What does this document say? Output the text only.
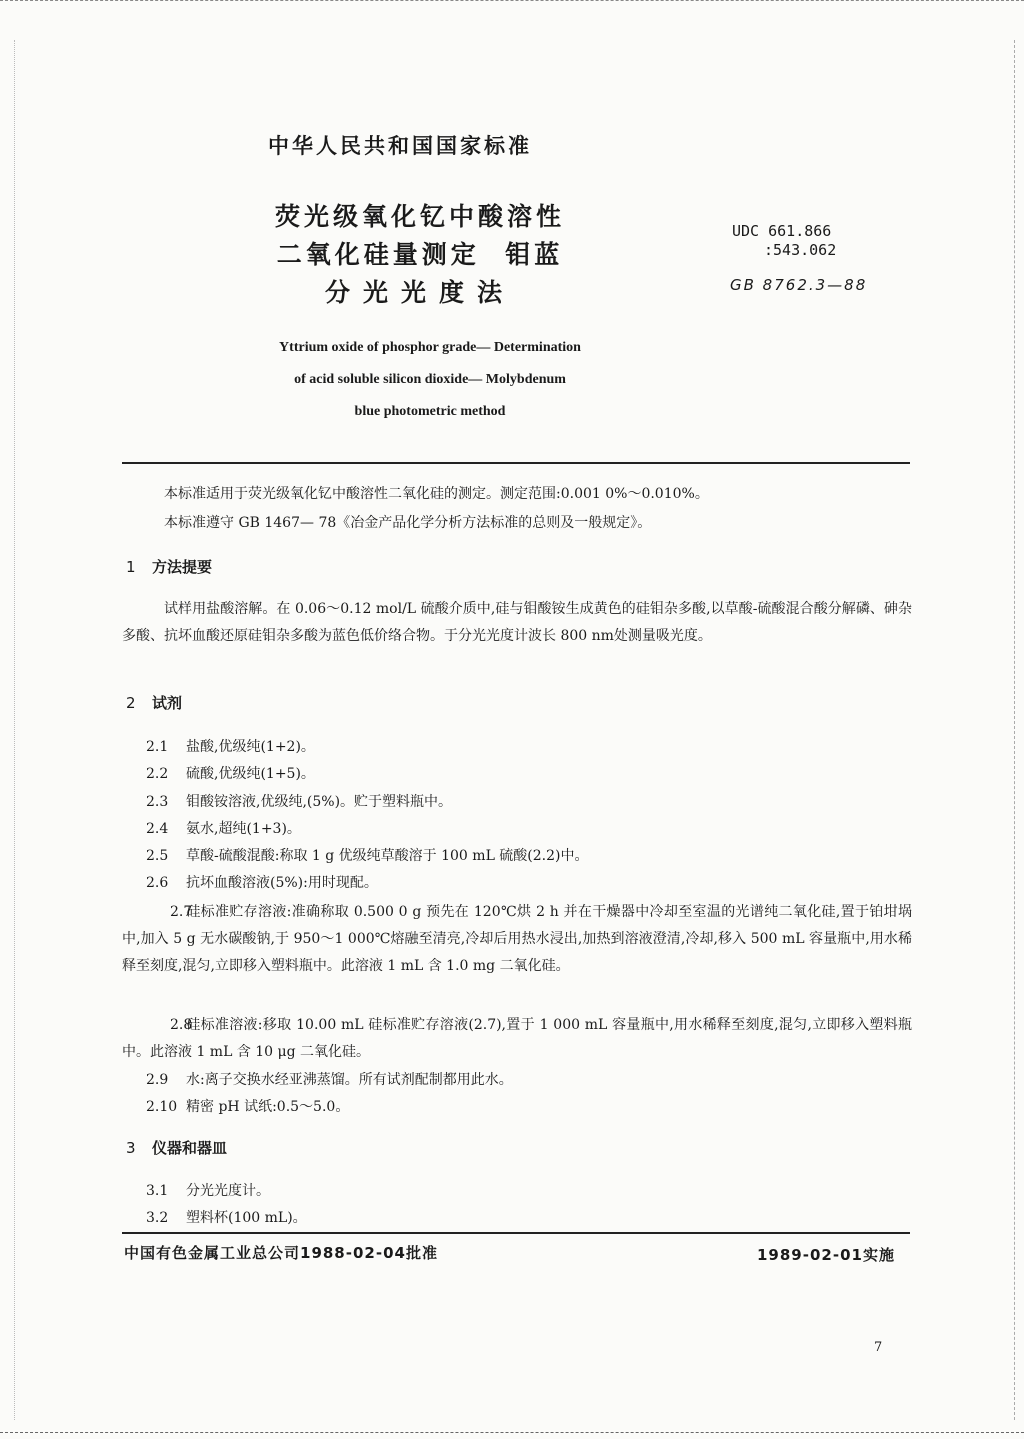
中华人民共和国国家标准
荧光级氧化钇中酸溶性
二氧化硅量测定  钼蓝
分光光度法
UDC 661.866
:543.062
GB 8762.3—88
Yttrium oxide of phosphor grade— Determination
of acid soluble silicon dioxide— Molybdenum
blue photometric method
本标准适用于荧光级氧化钇中酸溶性二氧化硅的测定。测定范围:0.001 0%～0.010%。
本标准遵守 GB 1467— 78《冶金产品化学分析方法标准的总则及一般规定》。
1 方法提要
试样用盐酸溶解。在 0.06～0.12 mol/L 硫酸介质中,硅与钼酸铵生成黄色的硅钼杂多酸,以草酸-硫酸混合酸分解磷、砷杂多酸、抗坏血酸还原硅钼杂多酸为蓝色低价络合物。于分光光度计波长 800 nm处测量吸光度。
2 试剂
2.1 盐酸,优级纯(1+2)。
2.2 硫酸,优级纯(1+5)。
2.3 钼酸铵溶液,优级纯,(5%)。贮于塑料瓶中。
2.4 氨水,超纯(1+3)。
2.5 草酸-硫酸混酸:称取 1 g 优级纯草酸溶于 100 mL 硫酸(2.2)中。
2.6 抗坏血酸溶液(5%):用时现配。
2.7硅标准贮存溶液:准确称取 0.500 0 g 预先在 120℃烘 2 h 并在干燥器中冷却至室温的光谱纯二氧化硅,置于铂坩埚中,加入 5 g 无水碳酸钠,于 950～1 000℃熔融至清亮,冷却后用热水浸出,加热到溶液澄清,冷却,移入 500 mL 容量瓶中,用水稀释至刻度,混匀,立即移入塑料瓶中。此溶液 1 mL 含 1.0 mg 二氧化硅。
2.8硅标准溶液:移取 10.00 mL 硅标准贮存溶液(2.7),置于 1 000 mL 容量瓶中,用水稀释至刻度,混匀,立即移入塑料瓶中。此溶液 1 mL 含 10 μg 二氧化硅。
2.9 水:离子交换水经亚沸蒸馏。所有试剂配制都用此水。
2.10 精密 pH 试纸:0.5～5.0。
3 仪器和器皿
3.1 分光光度计。
3.2 塑料杯(100 mL)。
中国有色金属工业总公司1988-02-04批准	1989-02-01实施
7
